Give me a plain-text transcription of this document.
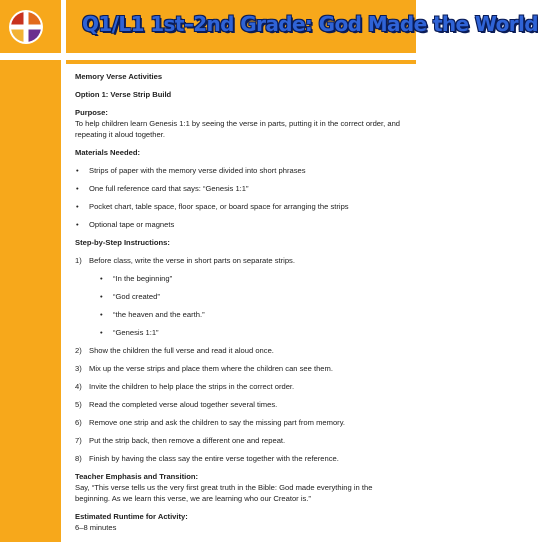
Q1/L1 1st–2nd Grade: God Made the World

Memory Verse Activities

Option 1: Verse Strip Build

Purpose:

To help children learn Genesis 1:1 by seeing the verse in parts, putting it in the correct order, and repeating it aloud together.

Materials Needed:

• Strips of paper with the memory verse divided into short phrases
• One full reference card that says: “Genesis 1:1”
• Pocket chart, table space, floor space, or board space for arranging the strips
• Optional tape or magnets

Step-by-Step Instructions:

1) Before class, write the verse in short parts on separate strips.
• “In the beginning”
• “God created”
• “the heaven and the earth.”
• “Genesis 1:1”
2) Show the children the full verse and read it aloud once.
3) Mix up the verse strips and place them where the children can see them.
4) Invite the children to help place the strips in the correct order.
5) Read the completed verse aloud together several times.
6) Remove one strip and ask the children to say the missing part from memory.
7) Put the strip back, then remove a different one and repeat.
8) Finish by having the class say the entire verse together with the reference.

Teacher Emphasis and Transition:

Say, “This verse tells us the very first great truth in the Bible: God made everything in the beginning. As we learn this verse, we are learning who our Creator is.”

Estimated Runtime for Activity:

6–8 minutes
